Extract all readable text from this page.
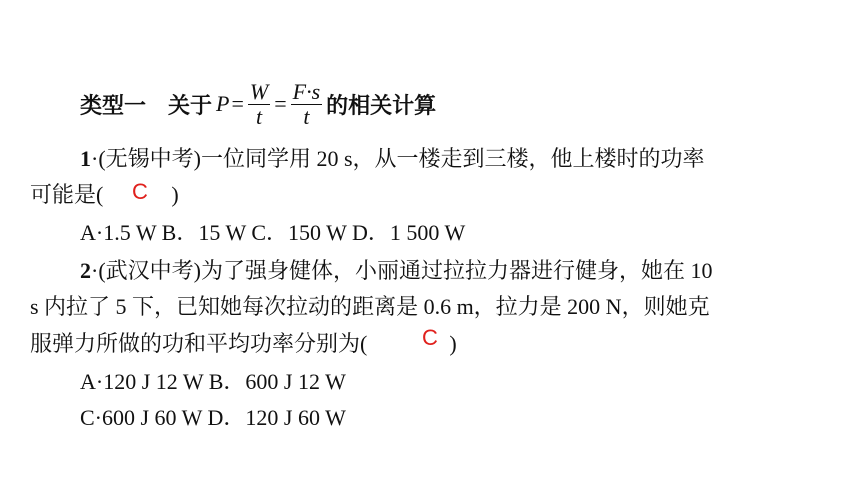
类型一 关于 $P = \frac{W}{t} = \frac{F\cdot s}{t}$ 的相关计算
1·(无锡中考)一位同学用 20 s，从一楼走到三楼，他上楼时的功率
可能是(	)
C
A·1.5 W B．15 W C．150 W D．1 500 W
2·(武汉中考)为了强身健体，小丽通过拉拉力器进行健身，她在 10
s 内拉了 5 下，已知她每次拉动的距离是 0.6 m，拉力是 200 N，则她克
服弹力所做的功和平均功率分别为(	)
C
A·120 J 12 W B．600 J 12 W
C·600 J 60 W D．120 J 60 W
